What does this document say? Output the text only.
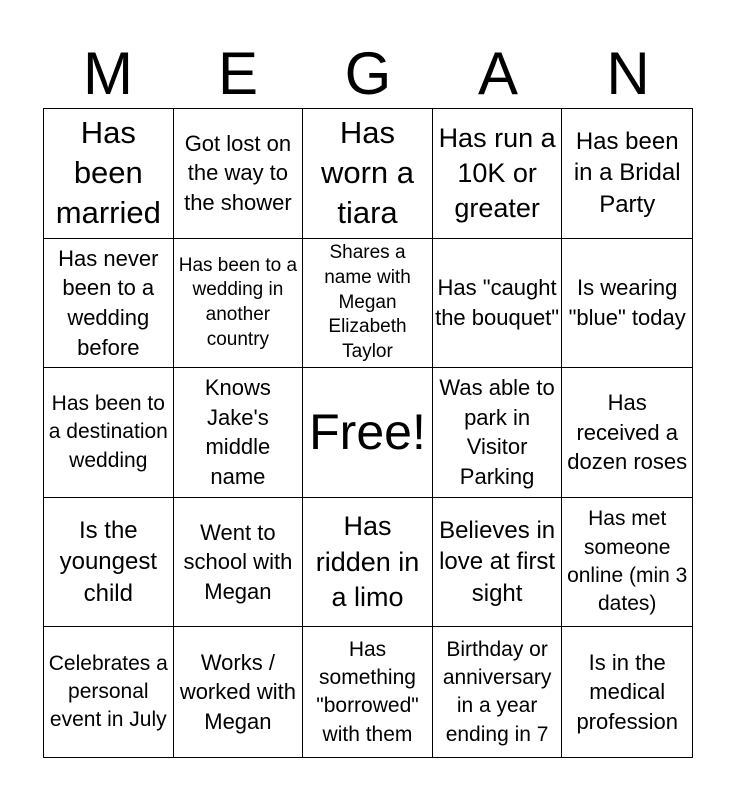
M	E	G	A	N
Has been married
Got lost on the way to the shower
Has worn a tiara
Has run a 10K or greater
Has been in a Bridal Party
Has never been to a wedding before
Has been to a wedding in another country
Shares a name with Megan Elizabeth Taylor
Has "caught the bouquet"
Is wearing "blue" today
Has been to a destination wedding
Knows Jake's middle name
Free!
Was able to park in Visitor Parking
Has received a dozen roses
Is the youngest child
Went to school with Megan
Has ridden in a limo
Believes in love at first sight
Has met someone online (min 3 dates)
Celebrates a personal event in July
Works / worked with Megan
Has something "borrowed" with them
Birthday or anniversary in a year ending in 7
Is in the medical profession
